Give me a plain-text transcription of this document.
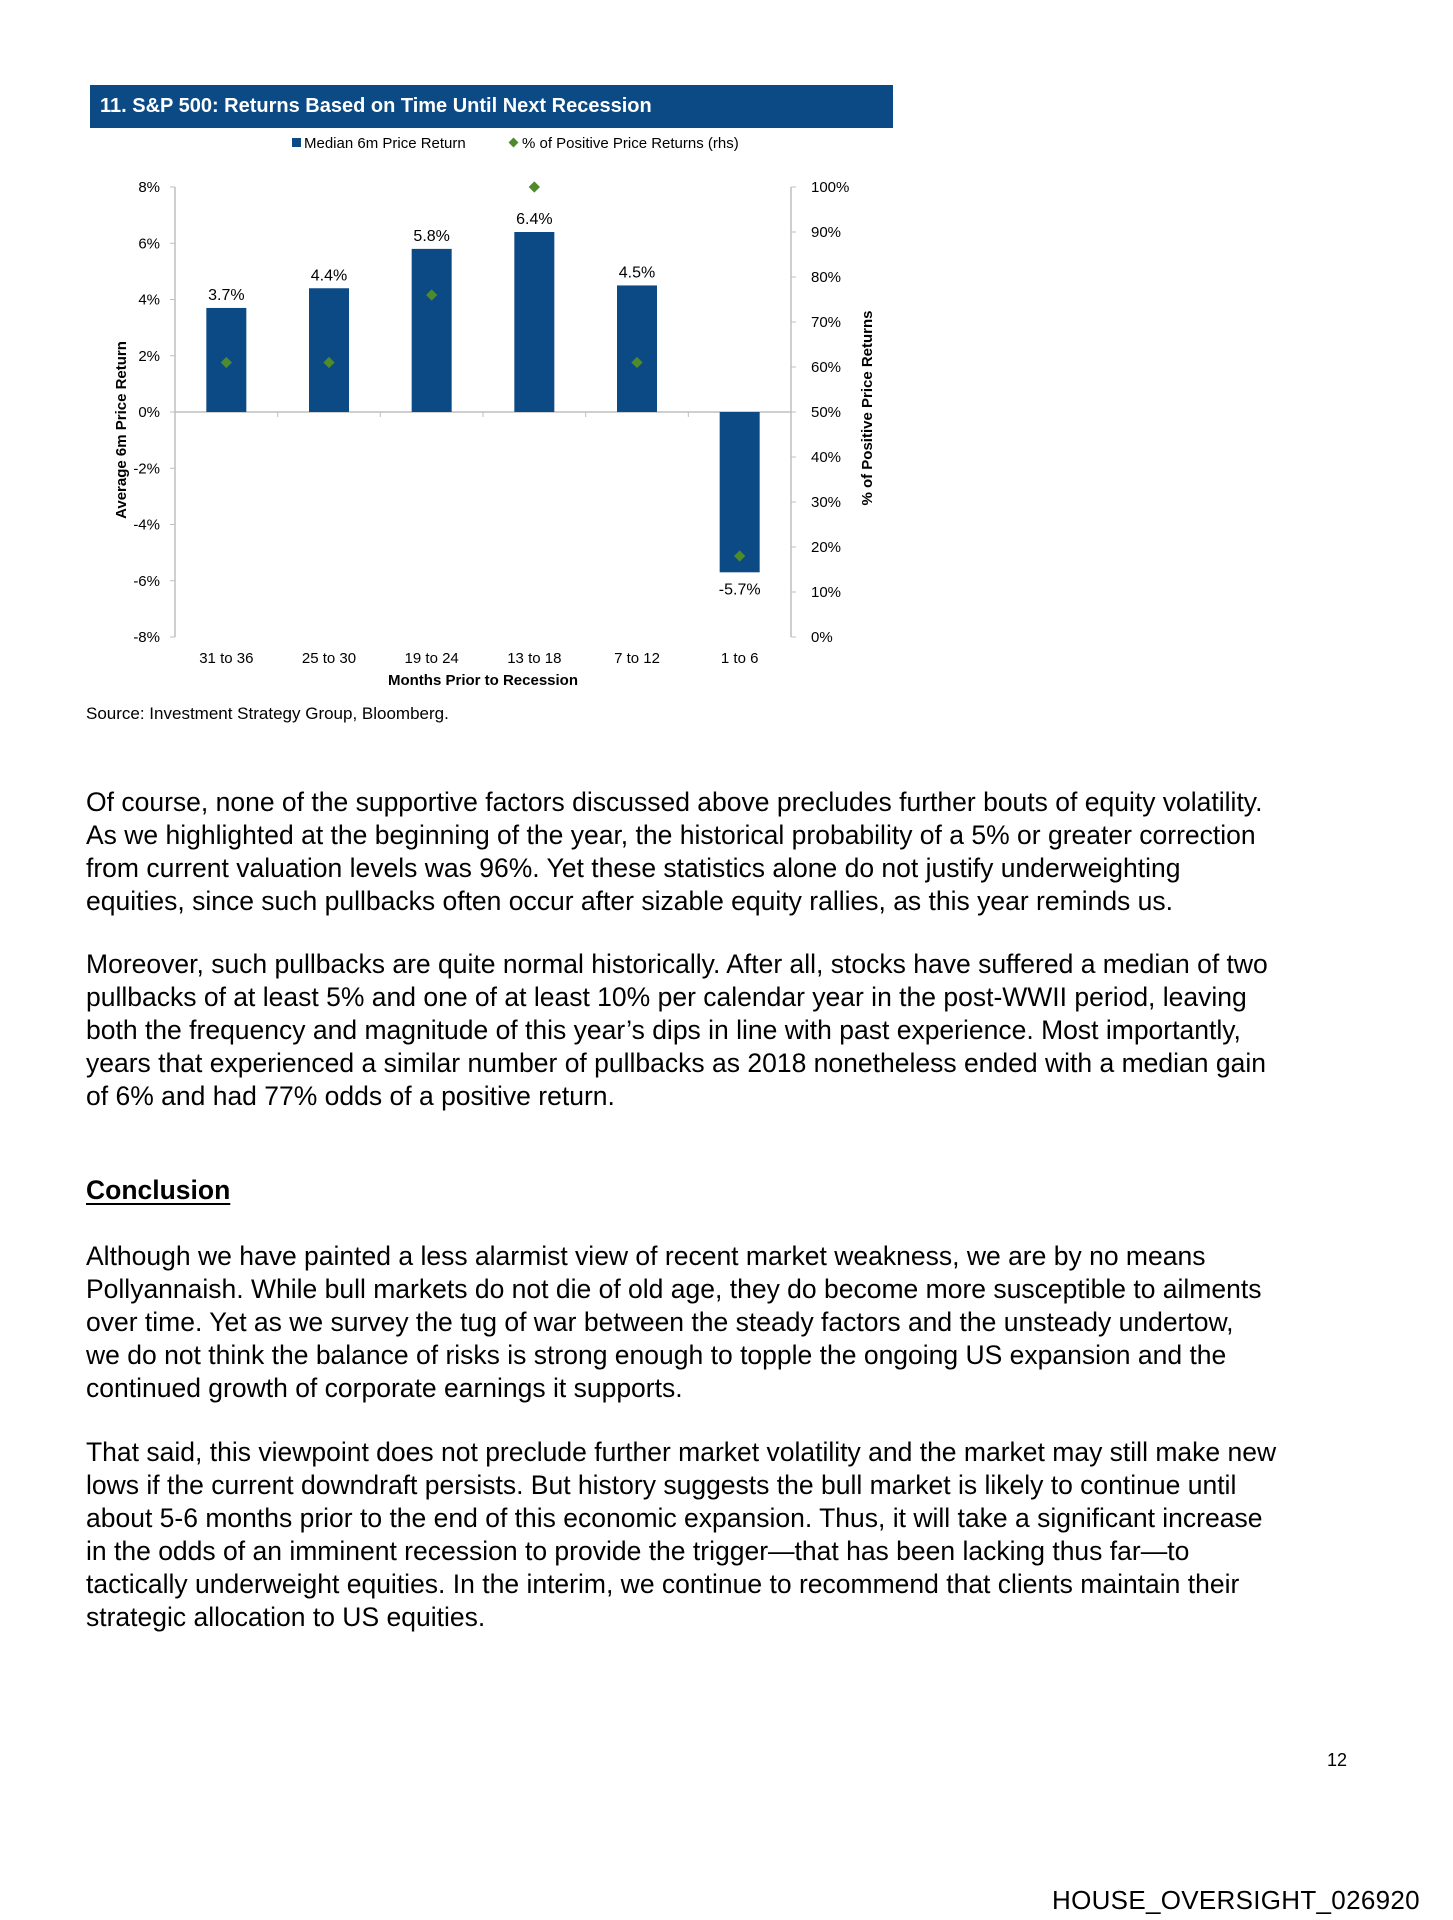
11. S&P 500: Returns Based on Time Until Next Recession
Median 6m Price Return	% of Positive Price Returns (rhs)
8%
6%
4%
2%
0%
-2%
-4%
-6%
-8%
100%
90%
80%
70%
60%
50%
40%
30%
20%
10%
0%
Average 6m Price Return	% of Positive Price Returns
Months Prior to Recession
3.7%
31 to 36
4.4%
25 to 30
5.8%
19 to 24
6.4%
13 to 18
4.5%
7 to 12
-5.7%
1 to 6
Source: Investment Strategy Group, Bloomberg.
Of course, none of the supportive factors discussed above precludes further bouts of equity volatility.
As we highlighted at the beginning of the year, the historical probability of a 5% or greater correction
from current valuation levels was 96%. Yet these statistics alone do not justify underweighting
equities, since such pullbacks often occur after sizable equity rallies, as this year reminds us.
Moreover, such pullbacks are quite normal historically. After all, stocks have suffered a median of two
pullbacks of at least 5% and one of at least 10% per calendar year in the post-WWII period, leaving
both the frequency and magnitude of this year’s dips in line with past experience. Most importantly,
years that experienced a similar number of pullbacks as 2018 nonetheless ended with a median gain
of 6% and had 77% odds of a positive return.
Conclusion
Although we have painted a less alarmist view of recent market weakness, we are by no means
Pollyannaish. While bull markets do not die of old age, they do become more susceptible to ailments
over time. Yet as we survey the tug of war between the steady factors and the unsteady undertow,
we do not think the balance of risks is strong enough to topple the ongoing US expansion and the
continued growth of corporate earnings it supports.
That said, this viewpoint does not preclude further market volatility and the market may still make new
lows if the current downdraft persists. But history suggests the bull market is likely to continue until
about 5-6 months prior to the end of this economic expansion. Thus, it will take a significant increase
in the odds of an imminent recession to provide the trigger—that has been lacking thus far—to
tactically underweight equities. In the interim, we continue to recommend that clients maintain their
strategic allocation to US equities.
12
HOUSE_OVERSIGHT_026920
